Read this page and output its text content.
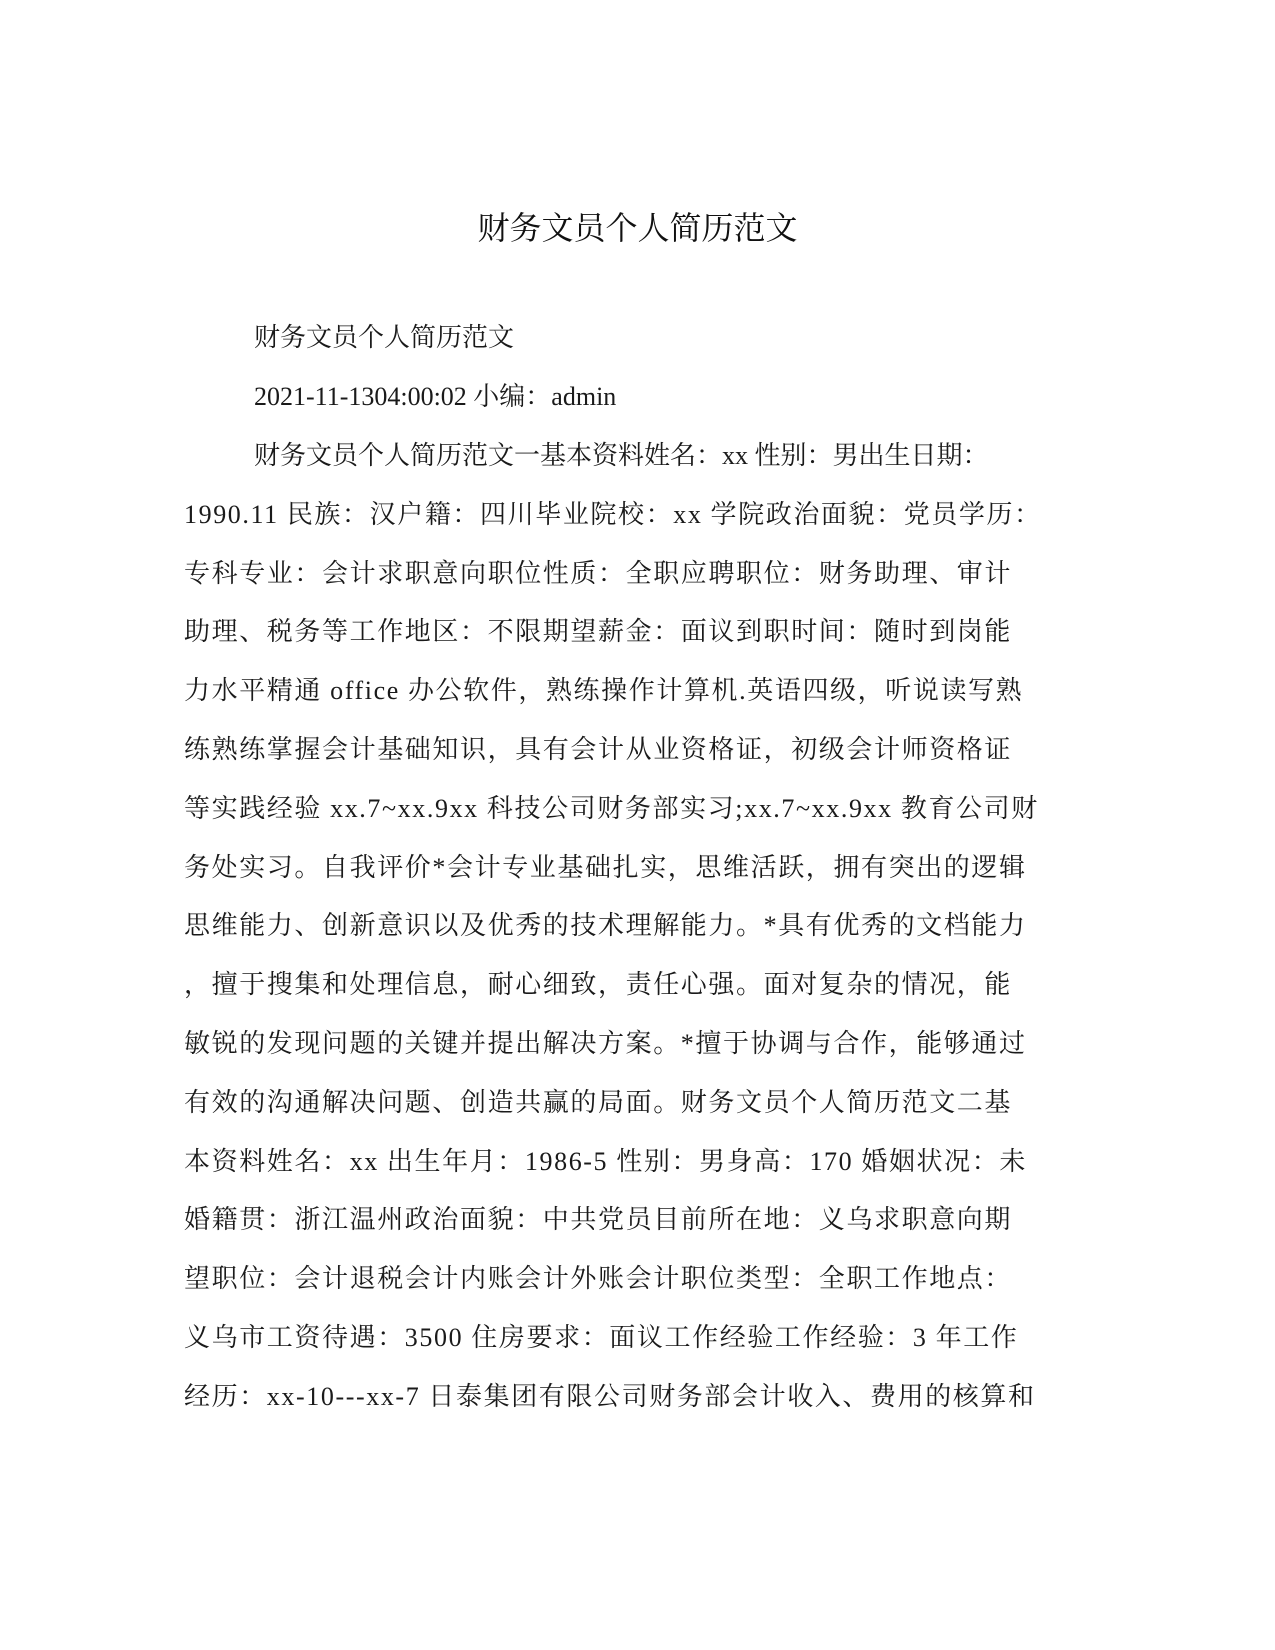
财务文员个人简历范文
财务文员个人简历范文
2021-11-1304:00:02 小编：admin
财务文员个人简历范文一基本资料姓名：xx 性别：男出生日期：
1990.11 民族：汉户籍：四川毕业院校：xx 学院政治面貌：党员学历：
专科专业：会计求职意向职位性质：全职应聘职位：财务助理、审计
助理、税务等工作地区：不限期望薪金：面议到职时间：随时到岗能
力水平精通 office 办公软件，熟练操作计算机.英语四级，听说读写熟
练熟练掌握会计基础知识，具有会计从业资格证，初级会计师资格证
等实践经验 xx.7~xx.9xx 科技公司财务部实习;xx.7~xx.9xx 教育公司财
务处实习。自我评价*会计专业基础扎实，思维活跃，拥有突出的逻辑
思维能力、创新意识以及优秀的技术理解能力。*具有优秀的文档能力
，擅于搜集和处理信息，耐心细致，责任心强。面对复杂的情况，能
敏锐的发现问题的关键并提出解决方案。*擅于协调与合作，能够通过
有效的沟通解决问题、创造共赢的局面。财务文员个人简历范文二基
本资料姓名：xx 出生年月：1986-5 性别：男身高：170 婚姻状况：未
婚籍贯：浙江温州政治面貌：中共党员目前所在地：义乌求职意向期
望职位：会计退税会计内账会计外账会计职位类型：全职工作地点：
义乌市工资待遇：3500 住房要求：面议工作经验工作经验：3 年工作
经历：xx-10---xx-7 日泰集团有限公司财务部会计收入、费用的核算和
